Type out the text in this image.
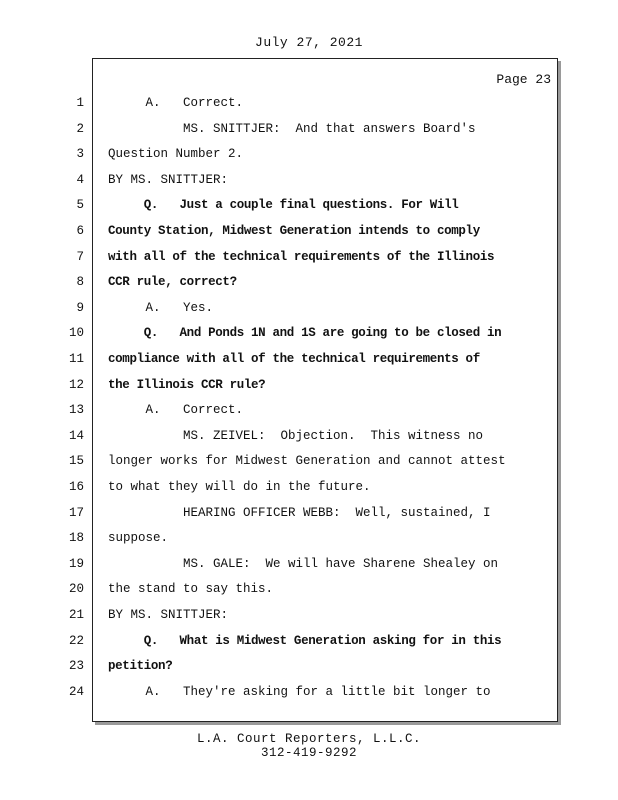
July 27, 2021
Page 23
1 A.   Correct.
2 MS. SNITTJER:  And that answers Board's
3 Question Number 2.
4 BY MS. SNITTJER:
5 Q.   Just a couple final questions. For Will
6 County Station, Midwest Generation intends to comply
7 with all of the technical requirements of the Illinois
8 CCR rule, correct?
9 A.   Yes.
10 Q.   And Ponds 1N and 1S are going to be closed in
11 compliance with all of the technical requirements of
12 the Illinois CCR rule?
13 A.   Correct.
14 MS. ZEIVEL:  Objection.  This witness no
15 longer works for Midwest Generation and cannot attest
16 to what they will do in the future.
17 HEARING OFFICER WEBB:  Well, sustained, I
18 suppose.
19 MS. GALE:  We will have Sharene Shealey on
20 the stand to say this.
21 BY MS. SNITTJER:
22 Q.   What is Midwest Generation asking for in this
23 petition?
24 A.   They're asking for a little bit longer to
L.A. Court Reporters, L.L.C.
312-419-9292
